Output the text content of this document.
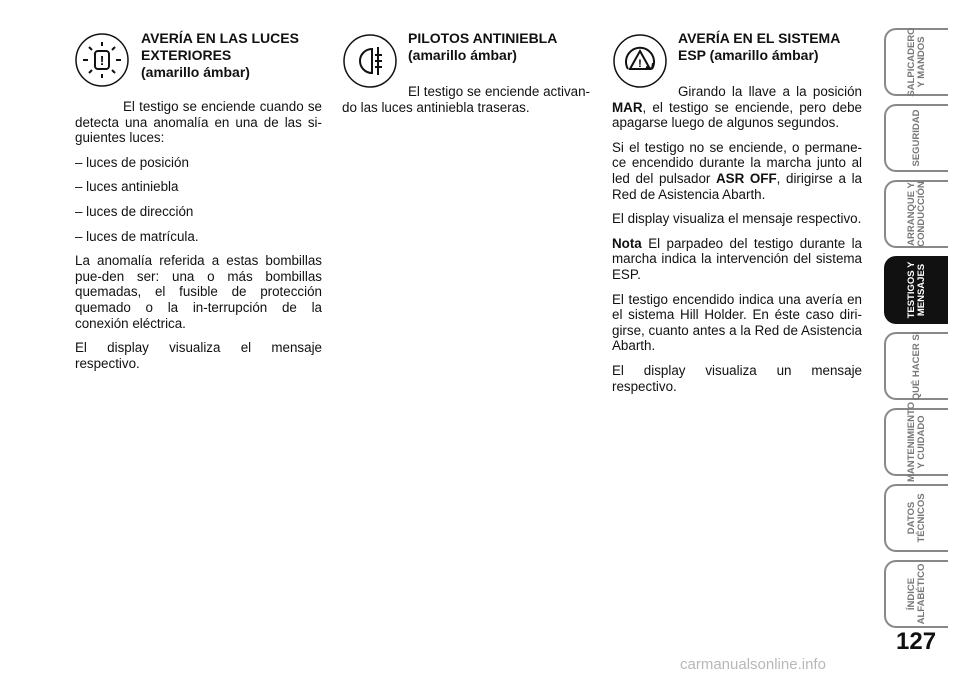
!
AVERÍA EN LAS LUCES
EXTERIORES
(amarillo ámbar)

El testigo se enciende cuando se detecta una anomalía en una de las si-guientes luces:

– luces de posición

– luces antiniebla

– luces de dirección

– luces de matrícula.

La anomalía referida a estas bombillas pue-den ser: una o más bombillas quemadas, el fusible de protección quemado o la in-terrupción de la conexión eléctrica.

El display visualiza el mensaje respectivo.

PILOTOS ANTINIEBLA
(amarillo ámbar)

El testigo se enciende activan-do las luces antiniebla traseras.

!
AVERÍA EN EL SISTEMA
ESP (amarillo ámbar)

Girando la llave a la posición MAR, el testigo se enciende, pero debe apagarse luego de algunos segundos.

Si el testigo no se enciende, o permane-ce encendido durante la marcha junto al led del pulsador ASR OFF, dirigirse a la Red de Asistencia Abarth.

El display visualiza el mensaje respectivo.

Nota El parpadeo del testigo durante la marcha indica la intervención del sistema ESP.

El testigo encendido indica una avería en el sistema Hill Holder. En éste caso diri-girse, cuanto antes a la Red de Asistencia Abarth.

El display visualiza un mensaje respectivo.

SALPICADERO
Y MANDOS
SEGURIDAD
ARRANQUE Y
CONDUCCIÓN
TESTIGOS Y
MENSAJES
QUÉ HACER SI
MANTENIMIENTO
Y CUIDADO
DATOS
TÉCNICOS
ÍNDICE
ALFABÉTICO
127
carmanualsonline.info
